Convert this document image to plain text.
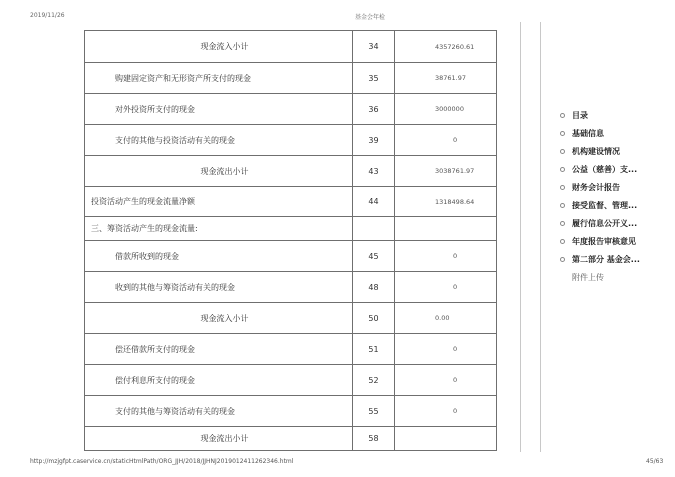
2019/11/26	基金会年检
现金流入小计	34	4357260.61
购建固定资产和无形资产所支付的现金	35	38761.97
对外投资所支付的现金	36	3000000
支付的其他与投资活动有关的现金	39	0
现金流出小计	43	3038761.97
投资活动产生的现金流量净额	44	1318498.64
三、筹资活动产生的现金流量:		
借款所收到的现金	45	0
收到的其他与筹资活动有关的现金	48	0
现金流入小计	50	0.00
偿还借款所支付的现金	51	0
偿付利息所支付的现金	52	0
支付的其他与筹资活动有关的现金	55	0
现金流出小计	58	
目录
基础信息
机构建设情况
公益（慈善）支...
财务会计报告
接受监督、管理...
履行信息公开义...
年度报告审核意见
第二部分 基金会...
附件上传
http://mzjgfpt.caservice.cn/staticHtmlPath/ORG_JJH/2018/JJHNJ20190124112623​46.html	45/63
